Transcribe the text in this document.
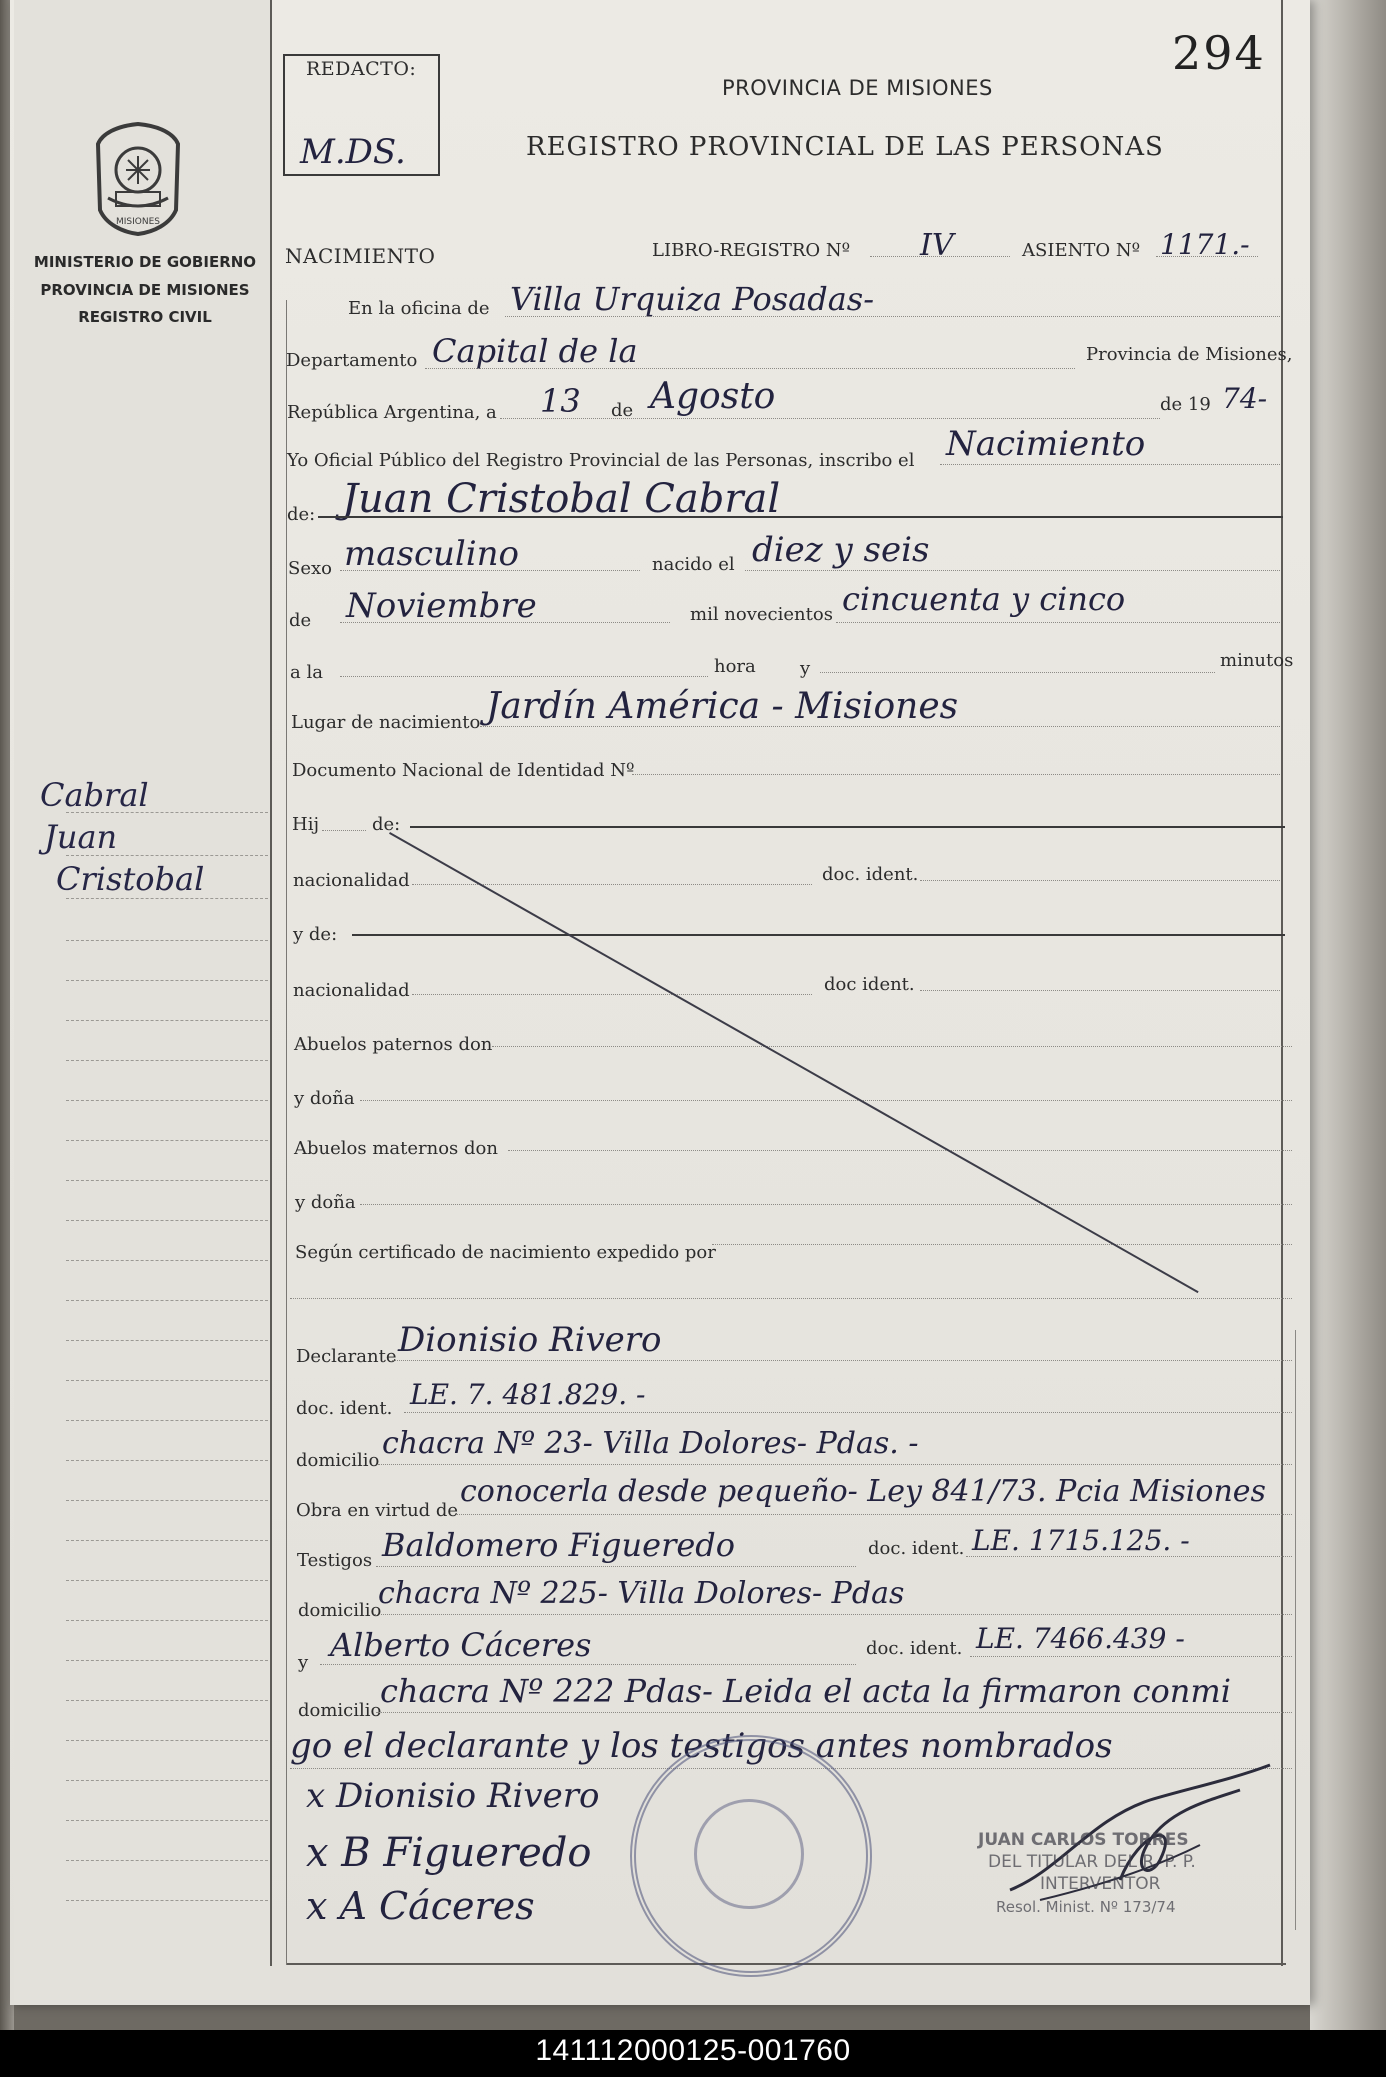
MISIONES
MINISTERIO DE GOBIERNO
PROVINCIA DE MISIONES
REGISTRO CIVIL
Cabral
Juan
Cristobal
REDACTO:
M.DS.
294
PROVINCIA DE MISIONES
REGISTRO PROVINCIAL DE LAS PERSONAS
NACIMIENTO	LIBRO-REGISTRO Nº IV	ASIENTO Nº 1171.-
En la oficina de Villa Urquiza Posadas-
Departamento Capital de la	Provincia de Misiones,
República Argentina, a 13 de Agosto	de 19 74-
Yo Oficial Público del Registro Provincial de las Personas, inscribo el Nacimiento
de: Juan Cristobal Cabral
Sexo masculino	nacido el diez y seis
de Noviembre	mil novecientos cincuenta y cinco
a la	hora y	minutos
Lugar de nacimiento Jardín América - Misiones
Documento Nacional de Identidad Nº
Hij	de:
nacionalidad	doc. ident.
y de:
nacionalidad	doc ident.
Abuelos paternos don
y doña
Abuelos maternos don
y doña
Según certificado de nacimiento expedido por
Declarante Dionisio Rivero
doc. ident. LE. 7. 481.829. -
domicilio chacra Nº 23- Villa Dolores- Pdas. -
Obra en virtud de
conocerla desde pequeño- Ley 841/73. Pcia Misiones
Testigos Baldomero Figueredo	doc. ident. LE. 1715.125. -
domicilio
chacra Nº 225- Villa Dolores- Pdas
y Alberto Cáceres	doc. ident. LE. 7466.439 -
domicilio
chacra Nº 222 Pdas- Leida el acta la firmaron conmi
go el declarante y los testigos antes nombrados
x Dionisio Rivero
x B Figueredo
x A Cáceres
JUAN CARLOS TORRES
DEL TITULAR DEL R. P. P.
INTERVENTOR
Resol. Minist. Nº 173/74
141112000125-001760
